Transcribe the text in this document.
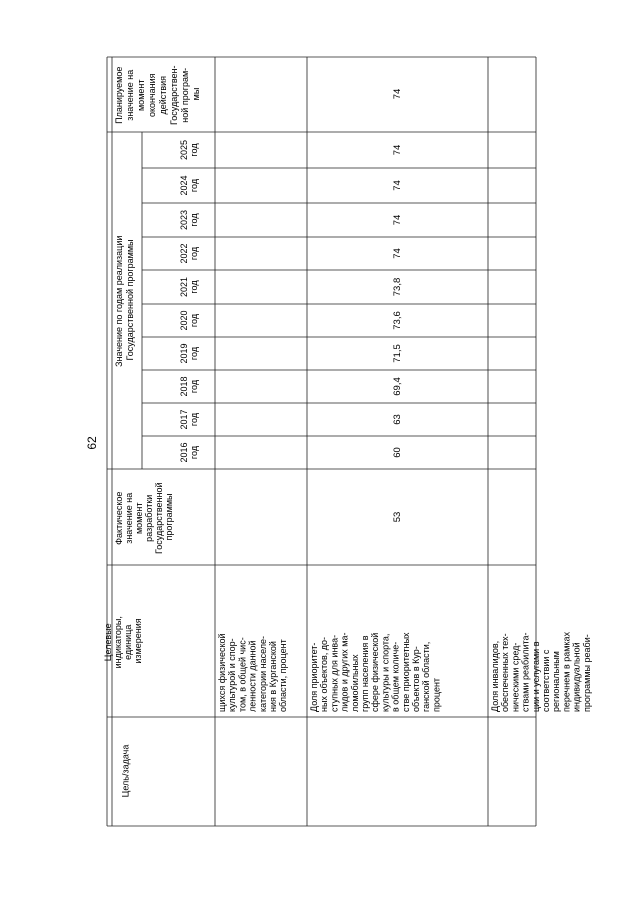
62
Цель/задача
Целевые индикаторы, единица измерения
Фактическое значение на момент разработки Государственной программы
Значение по годам реализации Государственной программы
2016год
2017год
2018год
2019год
2020год
2021год
2022год
2023год
2024год
2025год
Планируемое значение на момент окончания действия Государствен- ной програм- мы
щихся физическойкультурой и спор-том, в общей чис-ленности даннойкатегории населе-ния в Курганскойобласти, процент Доля приоритет-ных объектов, до-ступных для инва-лидов и других ма-ломобильныхгрупп населения всфере физическойкультуры и спорта,в общем количе-стве приоритетныхобъектов в Кур-ганской области,процент
53
60
63
69,4
71,5
73,6
73,8
74
74
74
74
74
Доля инвалидов,обеспеченных тех-ническими сред-ствами реабилита-ции и услугами всоответствии срегиональнымперечнем в рамкахиндивидуальнойпрограммы реаби-
